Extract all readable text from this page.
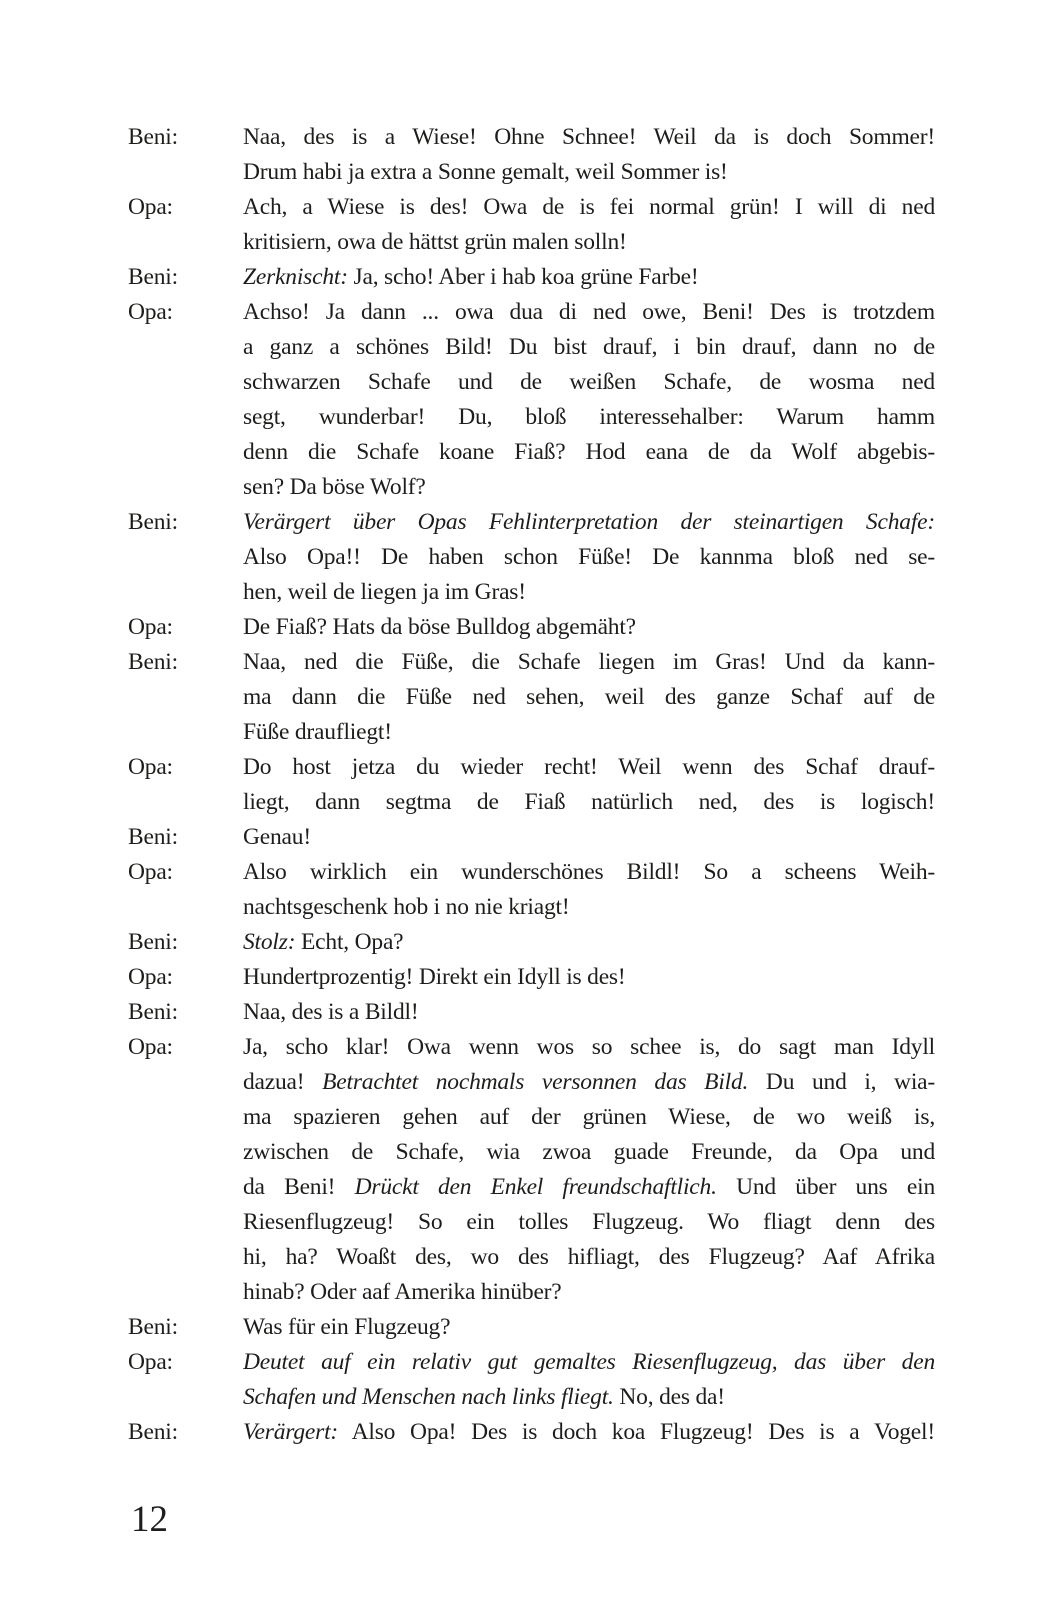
Beni:	Naa, des is a Wiese! Ohne Schnee! Weil da is doch Sommer!
Drum habi ja extra a Sonne gemalt, weil Sommer is!
Opa:	Ach, a Wiese is des! Owa de is fei normal grün! I will di ned
kritisiern, owa de hättst grün malen solln!
Beni:	Zerknischt: Ja, scho! Aber i hab koa grüne Farbe!
Opa:	Achso! Ja dann ... owa dua di ned owe, Beni! Des is trotzdem
a ganz a schönes Bild! Du bist drauf, i bin drauf, dann no de
schwarzen Schafe und de weißen Schafe, de wosma ned
segt, wunderbar! Du, bloß interessehalber: Warum hamm
denn die Schafe koane Fiaß? Hod eana de da Wolf abgebis-
sen? Da böse Wolf?
Beni:	Verärgert über Opas Fehlinterpretation der steinartigen Schafe:
Also Opa!! De haben schon Füße! De kannma bloß ned se-
hen, weil de liegen ja im Gras!
Opa:	De Fiaß? Hats da böse Bulldog abgemäht?
Beni:	Naa, ned die Füße, die Schafe liegen im Gras! Und da kann-
ma dann die Füße ned sehen, weil des ganze Schaf auf de
Füße draufliegt!
Opa:	Do host jetza du wieder recht! Weil wenn des Schaf drauf-
liegt, dann segtma de Fiaß natürlich ned, des is logisch!
Beni:	Genau!
Opa:	Also wirklich ein wunderschönes Bildl! So a scheens Weih-
nachtsgeschenk hob i no nie kriagt!
Beni:	Stolz: Echt, Opa?
Opa:	Hundertprozentig! Direkt ein Idyll is des!
Beni:	Naa, des is a Bildl!
Opa:	Ja, scho klar! Owa wenn wos so schee is, do sagt man Idyll
dazua! Betrachtet nochmals versonnen das Bild. Du und i, wia-
ma spazieren gehen auf der grünen Wiese, de wo weiß is,
zwischen de Schafe, wia zwoa guade Freunde, da Opa und
da Beni! Drückt den Enkel freundschaftlich. Und über uns ein
Riesenflugzeug! So ein tolles Flugzeug. Wo fliagt denn des
hi, ha? Woaßt des, wo des hifliagt, des Flugzeug? Aaf Afrika
hinab? Oder aaf Amerika hinüber?
Beni:	Was für ein Flugzeug?
Opa:	Deutet auf ein relativ gut gemaltes Riesenflugzeug, das über den
Schafen und Menschen nach links fliegt. No, des da!
Beni:	Verärgert: Also Opa! Des is doch koa Flugzeug! Des is a Vogel!
12
